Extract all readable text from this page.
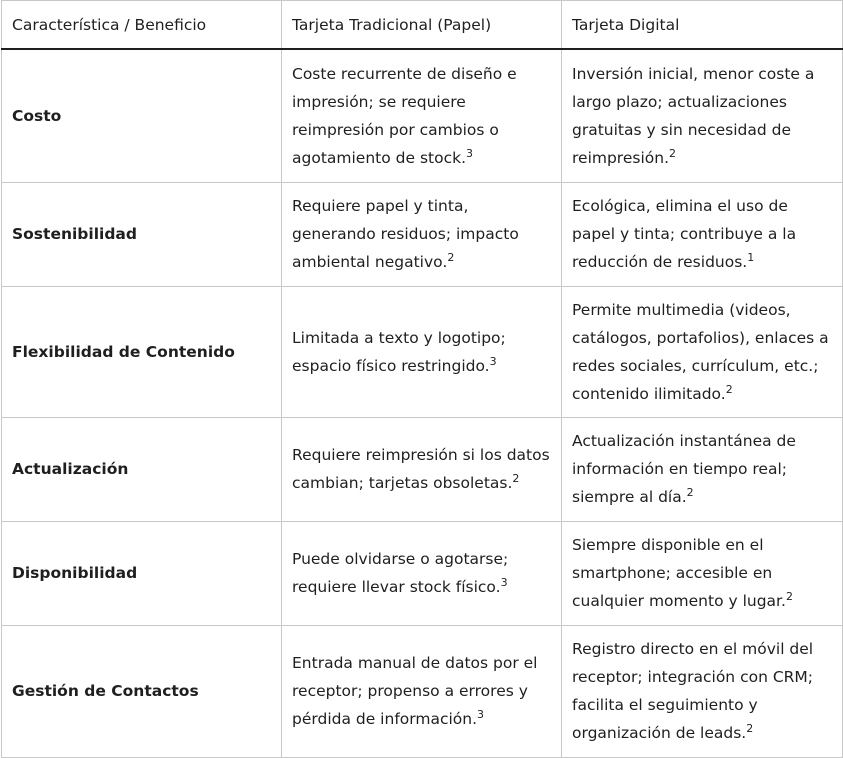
Característica / Beneficio	Tarjeta Tradicional (Papel)	Tarjeta Digital
Costo	Coste recurrente de diseño e impresión; se requiere reimpresión por cambios o agotamiento de stock.$^3$	Inversión inicial, menor coste a largo plazo; actualizaciones gratuitas y sin necesidad de reimpresión.$^2$
Sostenibilidad	Requiere papel y tinta, generando residuos; impacto ambiental negativo.$^2$	Ecológica, elimina el uso de papel y tinta; contribuye a la reducción de residuos.$^1$
Flexibilidad de Contenido	Limitada a texto y logotipo; espacio físico restringido.$^3$	Permite multimedia (videos, catálogos, portafolios), enlaces a redes sociales, currículum, etc.; contenido ilimitado.$^2$
Actualización	Requiere reimpresión si los datos cambian; tarjetas obsoletas.$^2$	Actualización instantánea de información en tiempo real; siempre al día.$^2$
Disponibilidad	Puede olvidarse o agotarse; requiere llevar stock físico.$^3$	Siempre disponible en el smartphone; accesible en cualquier momento y lugar.$^2$
Gestión de Contactos	Entrada manual de datos por el receptor; propenso a errores y pérdida de información.$^3$	Registro directo en el móvil del receptor; integración con CRM; facilita el seguimiento y organización de leads.$^2$
